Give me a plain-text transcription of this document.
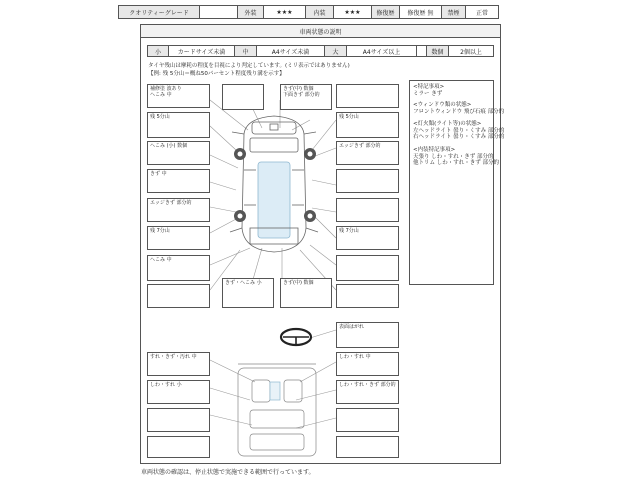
クオリティーグレード	外装	★★★	内装	★★★	修復歴	修復歴 無	禁煙	正常
車両状態の説明
小	カードサイズ未満	中	A4サイズ未満	大	A4サイズ以上	数個	2個以上
タイヤ残山は摩耗の程度を目視により判定しています。(ミリ表示ではありません)
【例: 残 5分山＝概ね50パーセント程度残り溝を示す】
<特記事項>
ミラー きず
<ウィンドウ類の状態>
フロントウィンドウ 飛び石痕 部分的
<灯火類(ライト等)の状態>
左ヘッドライト 曇り・くすみ 部分的
右ヘッドライト 曇り・くすみ 部分的
<内装特記事項>
天張り しわ・すれ・きず 部分的
他トリム しわ・すれ・きず 部分的
補修塗 波あり
へこみ 中
残 5分山
へこみ (小) 数個
きず 中
エッジきず 部分的
残 7分山
へこみ 中
きず(中) 数個
下面きず 部分的
残 5分山
エッジきず 部分的
残 7分山
きず・へこみ 小	きず(中) 数個
表面はがれ
すれ・きず・汚れ 中
しわ・すれ 小
しわ・すれ 中
しわ・すれ・きず 部分的
車両状態の確認は、停止状態で実施できる範囲で行っています。
